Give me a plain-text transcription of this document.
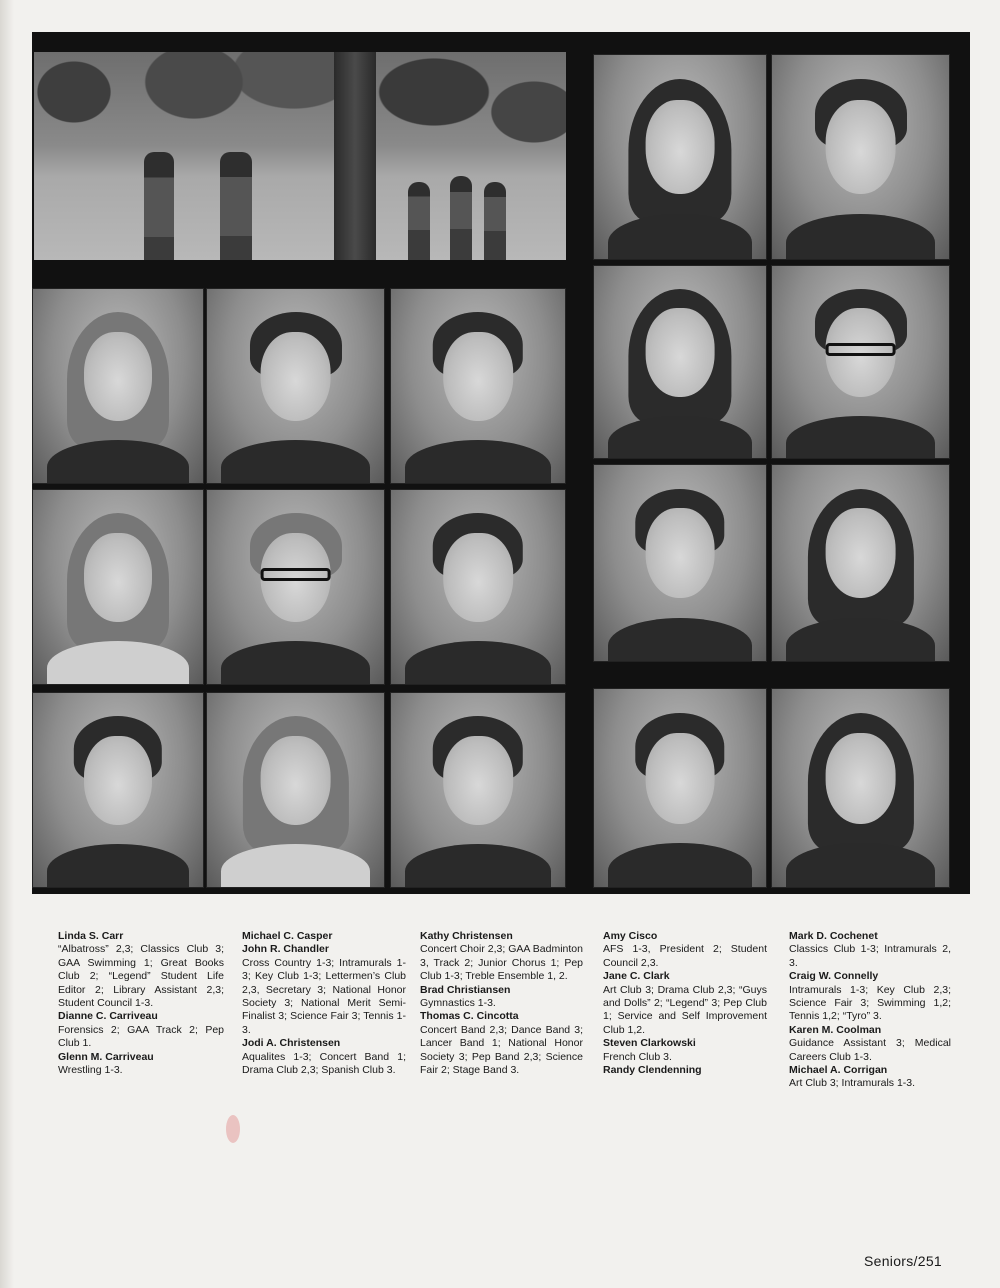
Linda S. Carr
“Albatross” 2,3; Classics Club 3; GAA Swimming 1; Great Books Club 2; “Legend” Student Life Editor 2; Library Assistant 2,3; Student Council 1-3.

Dianne C. Carriveau
Forensics 2; GAA Track 2; Pep Club 1.

Glenn M. Carriveau
Wrestling 1-3.

Michael C. Casper

John R. Chandler
Cross Country 1-3; Intramurals 1-3; Key Club 1-3; Lettermen’s Club 2,3, Secretary 3; National Honor Society 3; National Merit Semi-Finalist 3; Science Fair 3; Tennis 1-3.

Jodi A. Christensen
Aqualites 1-3; Concert Band 1; Drama Club 2,3; Spanish Club 3.

Kathy Christensen
Concert Choir 2,3; GAA Badminton 3, Track 2; Junior Chorus 1; Pep Club 1-3; Treble Ensemble 1, 2.

Brad Christiansen
Gymnastics 1-3.

Thomas C. Cincotta
Concert Band 2,3; Dance Band 3; Lancer Band 1; National Honor Society 3; Pep Band 2,3; Science Fair 2; Stage Band 3.

Amy Cisco
AFS 1-3, President 2; Student Council 2,3.

Jane C. Clark
Art Club 3; Drama Club 2,3; “Guys and Dolls” 2; “Legend” 3; Pep Club 1; Service and Self Improvement Club 1,2.

Steven Clarkowski
French Club 3.

Randy Clendenning

Mark D. Cochenet
Classics Club 1-3; Intramurals 2, 3.

Craig W. Connelly
Intramurals 1-3; Key Club 2,3; Science Fair 3; Swimming 1,2; Tennis 1,2; “Tyro” 3.

Karen M. Coolman
Guidance Assistant 3; Medical Careers Club 1-3.

Michael A. Corrigan
Art Club 3; Intramurals 1-3.

Seniors/251
